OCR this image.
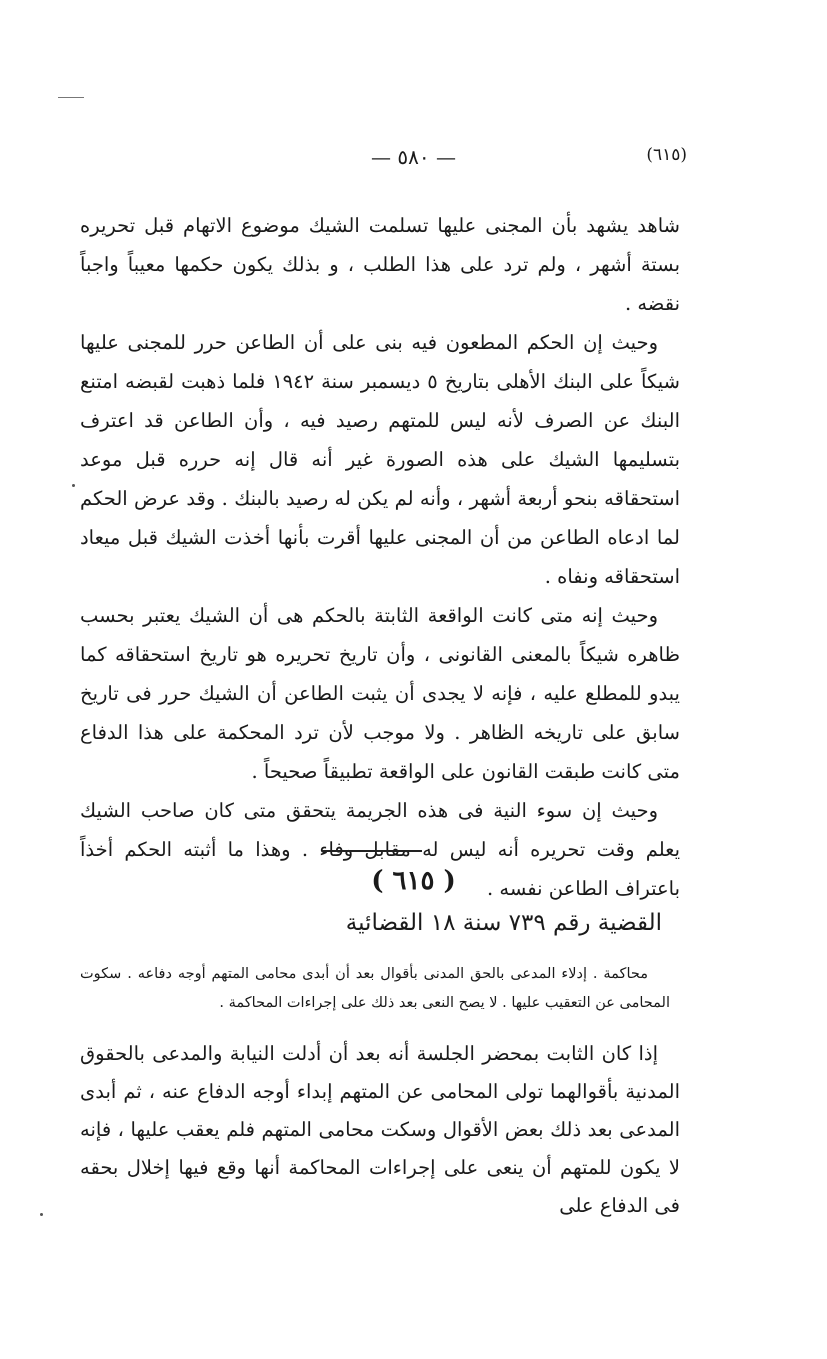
— ٥٨٠ —	(٦١٥)

شاهد يشهد بأن المجنى عليها تسلمت الشيك موضوع الاتهام قبل تحريره بستة أشهر ، ولم ترد على هذا الطلب ، و بذلك يكون حكمها معيباً واجباً نقضه .

وحيث إن الحكم المطعون فيه بنى على أن الطاعن حرر للمجنى عليها شيكاً على البنك الأهلى بتاريخ ٥ ديسمبر سنة ١٩٤٢ فلما ذهبت لقبضه امتنع البنك عن الصرف لأنه ليس للمتهم رصيد فيه ، وأن الطاعن قد اعترف بتسليمها الشيك على هذه الصورة غير أنه قال إنه حرره قبل موعد استحقاقه بنحو أربعة أشهر ، وأنه لم يكن له رصيد بالبنك . وقد عرض الحكم لما ادعاه الطاعن من أن المجنى عليها أقرت بأنها أخذت الشيك قبل ميعاد استحقاقه ونفاه .

وحيث إنه متى كانت الواقعة الثابتة بالحكم هى أن الشيك يعتبر بحسب ظاهره شيكاً بالمعنى القانونى ، وأن تاريخ تحريره هو تاريخ استحقاقه كما يبدو للمطلع عليه ، فإنه لا يجدى أن يثبت الطاعن أن الشيك حرر فى تاريخ سابق على تاريخه الظاهر . ولا موجب لأن ترد المحكمة على هذا الدفاع متى كانت طبقت القانون على الواقعة تطبيقاً صحيحاً .

وحيث إن سوء النية فى هذه الجريمة يتحقق متى كان صاحب الشيك يعلم وقت تحريره أنه ليس له مقابل وفاء . وهذا ما أثبته الحكم أخذاً باعتراف الطاعن نفسه .

( ٦١٥ )
القضية رقم ٧٣٩ سنة ١٨ القضائية

محاكمة . إدلاء المدعى بالحق المدنى بأقوال بعد أن أبدى محامى المتهم أوجه دفاعه . سكوت المحامى عن التعقيب عليها . لا يصح النعى بعد ذلك على إجراءات المحاكمة .

إذا كان الثابت بمحضر الجلسة أنه بعد أن أدلت النيابة والمدعى بالحقوق المدنية بأقوالهما تولى المحامى عن المتهم إبداء أوجه الدفاع عنه ، ثم أبدى المدعى بعد ذلك بعض الأقوال وسكت محامى المتهم فلم يعقب عليها ، فإنه لا يكون للمتهم أن ينعى على إجراءات المحاكمة أنها وقع فيها إخلال بحقه فى الدفاع على
